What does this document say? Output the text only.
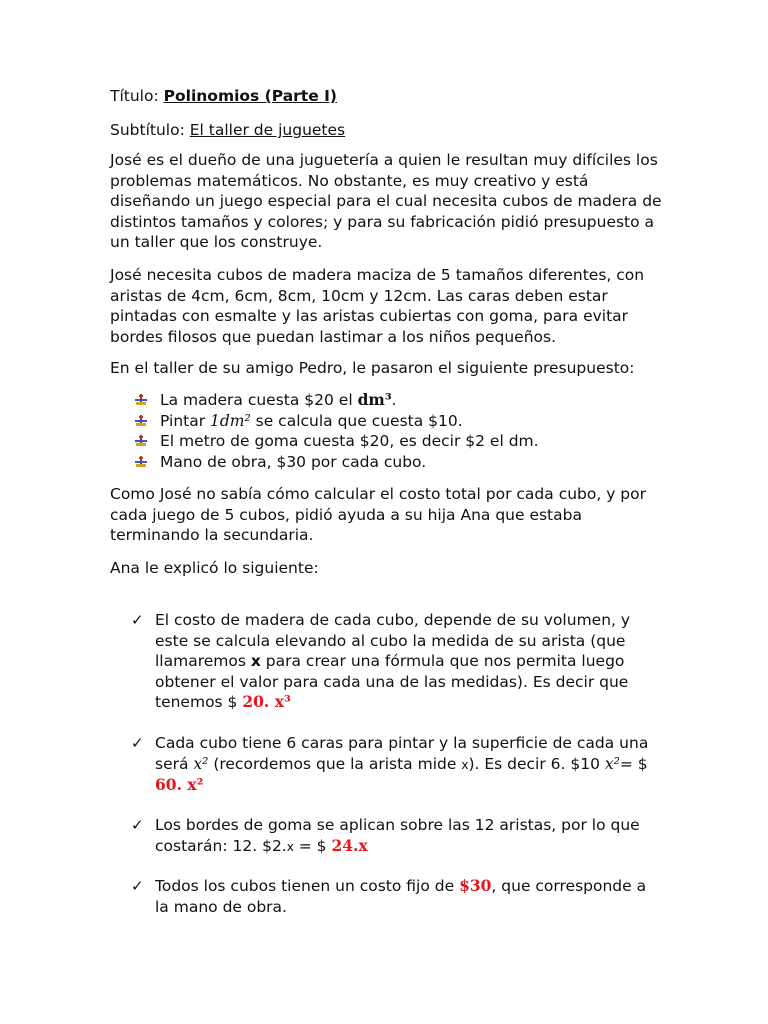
Título: Polinomios (Parte I)
Subtítulo: El taller de juguetes

José es el dueño de una juguetería a quien le resultan muy difíciles los problemas matemáticos. No obstante, es muy creativo y está diseñando un juego especial para el cual necesita cubos de madera de distintos tamaños y colores; y para su fabricación pidió presupuesto a un taller que los construye.

José necesita cubos de madera maciza de 5 tamaños diferentes, con aristas de 4cm, 6cm, 8cm, 10cm y 12cm. Las caras deben estar pintadas con esmalte y las aristas cubiertas con goma, para evitar bordes filosos que puedan lastimar a los niños pequeños.

En el taller de su amigo Pedro, le pasaron el siguiente presupuesto:

La madera cuesta $20 el dm³.
Pintar 1dm² se calcula que cuesta $10.
El metro de goma cuesta $20, es decir $2 el dm.
Mano de obra, $30 por cada cubo.

Como José no sabía cómo calcular el costo total por cada cubo, y por cada juego de 5 cubos, pidió ayuda a su hija Ana que estaba terminando la secundaria.

Ana le explicó lo siguiente:

✓ El costo de madera de cada cubo, depende de su volumen, y este se calcula elevando al cubo la medida de su arista (que llamaremos x para crear una fórmula que nos permita luego obtener el valor para cada una de las medidas). Es decir que tenemos $ 20. x³
✓ Cada cubo tiene 6 caras para pintar y la superficie de cada una será x² (recordemos que la arista mide x). Es decir 6. $10 x²= $ 60. x²
✓ Los bordes de goma se aplican sobre las 12 aristas, por lo que costarán: 12. $2.x = $ 24.x
✓ Todos los cubos tienen un costo fijo de $30, que corresponde a la mano de obra.
